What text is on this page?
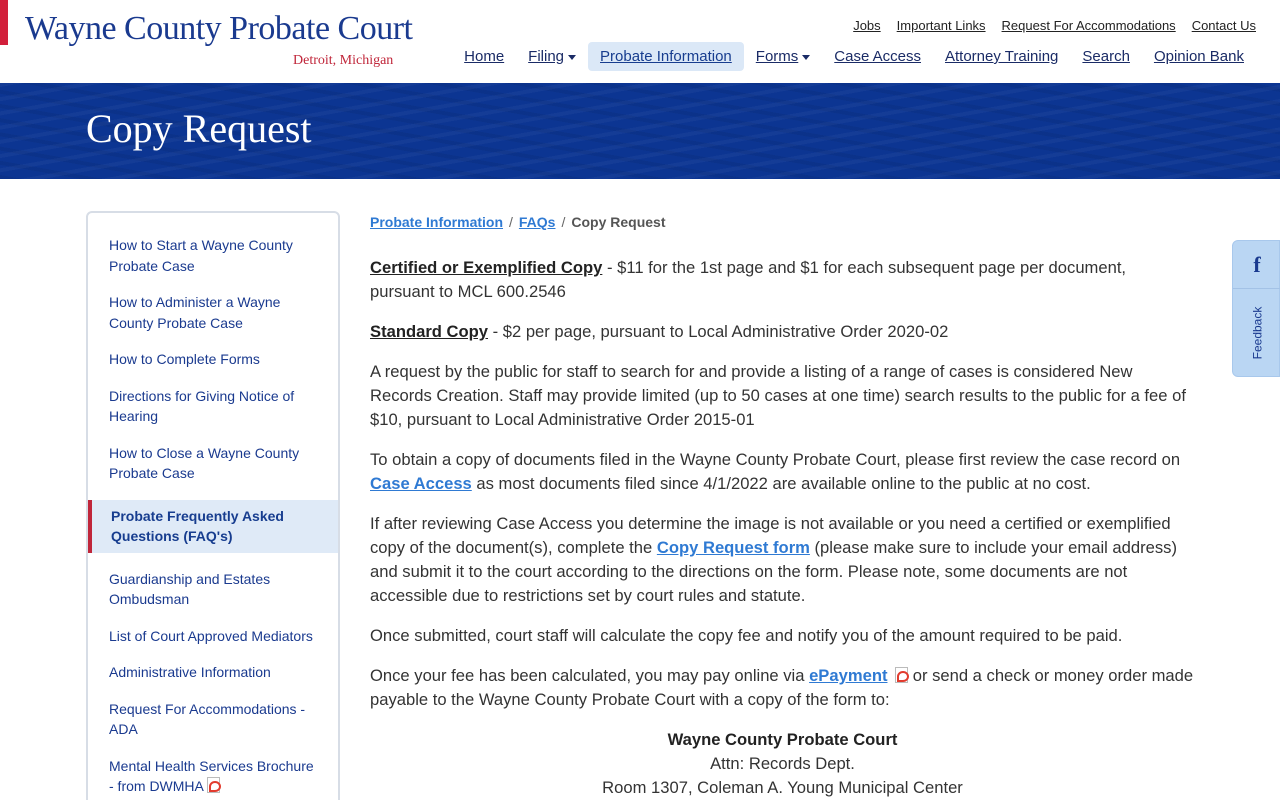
Wayne County Probate Court
Detroit, Michigan
Jobs Important Links Request For Accommodations Contact Us
Home	Filing	Probate Information	Forms	Case Access	Attorney Training	Search	Opinion Bank
Copy Request
How to Start a Wayne County Probate Case
How to Administer a Wayne County Probate Case
How to Complete Forms
Directions for Giving Notice of Hearing
How to Close a Wayne County Probate Case
Probate Frequently Asked Questions (FAQ's)
Guardianship and Estates Ombudsman
List of Court Approved Mediators
Administrative Information
Request For Accommodations - ADA
Mental Health Services Brochure - from DWMHA
Probate Information / FAQs / Copy Request

Certified or Exemplified Copy - $11 for the 1st page and $1 for each subsequent page per document, pursuant to MCL 600.2546

Standard Copy - $2 per page, pursuant to Local Administrative Order 2020-02

A request by the public for staff to search for and provide a listing of a range of cases is considered New Records Creation. Staff may provide limited (up to 50 cases at one time) search results to the public for a fee of $10, pursuant to Local Administrative Order 2015-01

To obtain a copy of documents filed in the Wayne County Probate Court, please first review the case record on Case Access as most documents filed since 4/1/2022 are available online to the public at no cost.

If after reviewing Case Access you determine the image is not available or you need a certified or exemplified copy of the document(s), complete the Copy Request form (please make sure to include your email address) and submit it to the court according to the directions on the form. Please note, some documents are not accessible due to restrictions set by court rules and statute.

Once submitted, court staff will calculate the copy fee and notify you of the amount required to be paid.

Once your fee has been calculated, you may pay online via ePayment  or send a check or money order made payable to the Wayne County Probate Court with a copy of the form to:

Wayne County Probate Court
Attn: Records Dept.
Room 1307, Coleman A. Young Municipal Center
f
Feedback
